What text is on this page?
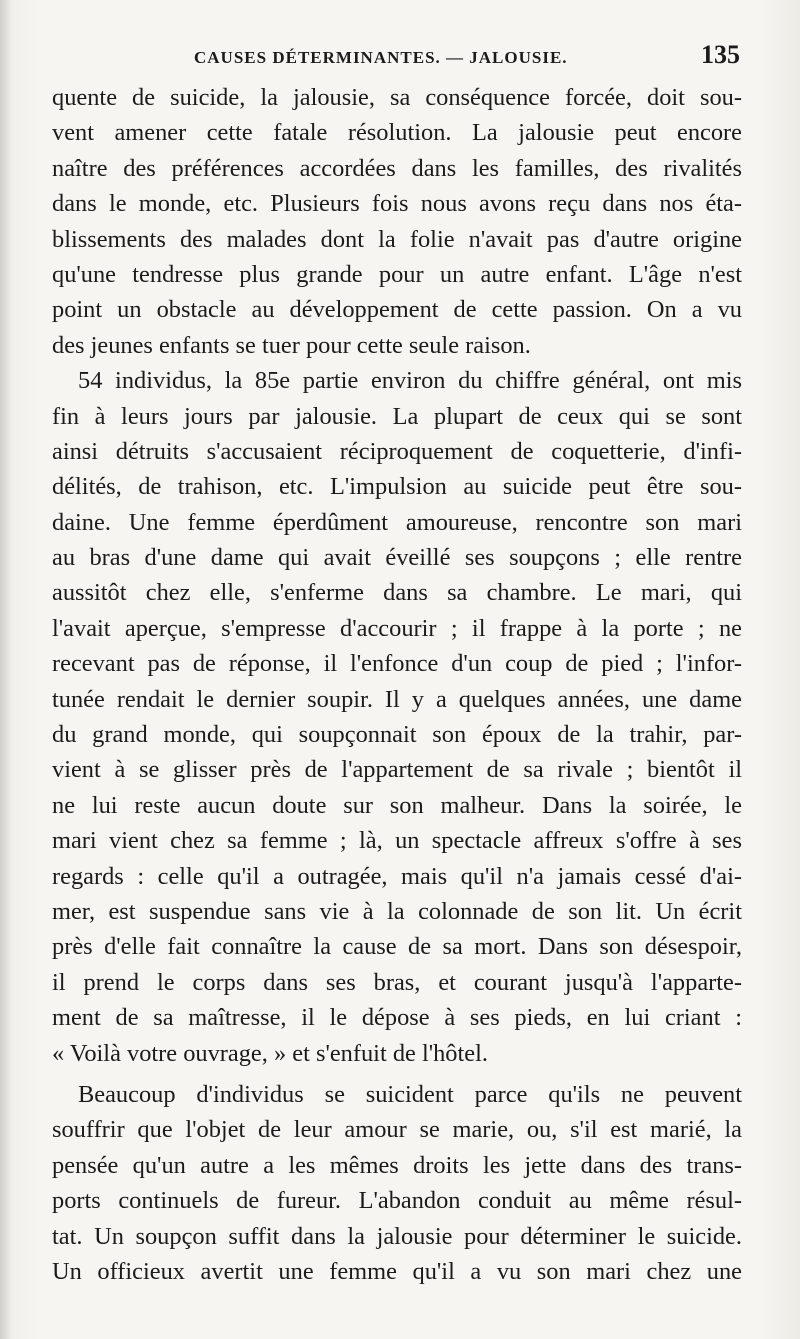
CAUSES DÉTERMINANTES. — JALOUSIE.	135
quente de suicide, la jalousie, sa conséquence forcée, doit sou-
vent amener cette fatale résolution. La jalousie peut encore
naître des préférences accordées dans les familles, des rivalités
dans le monde, etc. Plusieurs fois nous avons reçu dans nos éta-
blissements des malades dont la folie n'avait pas d'autre origine
qu'une tendresse plus grande pour un autre enfant. L'âge n'est
point un obstacle au développement de cette passion. On a vu
des jeunes enfants se tuer pour cette seule raison.
54 individus, la 85e partie environ du chiffre général, ont mis
fin à leurs jours par jalousie. La plupart de ceux qui se sont
ainsi détruits s'accusaient réciproquement de coquetterie, d'infi-
délités, de trahison, etc. L'impulsion au suicide peut être sou-
daine. Une femme éperdûment amoureuse, rencontre son mari
au bras d'une dame qui avait éveillé ses soupçons ; elle rentre
aussitôt chez elle, s'enferme dans sa chambre. Le mari, qui
l'avait aperçue, s'empresse d'accourir ; il frappe à la porte ; ne
recevant pas de réponse, il l'enfonce d'un coup de pied ; l'infor-
tunée rendait le dernier soupir. Il y a quelques années, une dame
du grand monde, qui soupçonnait son époux de la trahir, par-
vient à se glisser près de l'appartement de sa rivale ; bientôt il
ne lui reste aucun doute sur son malheur. Dans la soirée, le
mari vient chez sa femme ; là, un spectacle affreux s'offre à ses
regards : celle qu'il a outragée, mais qu'il n'a jamais cessé d'ai-
mer, est suspendue sans vie à la colonnade de son lit. Un écrit
près d'elle fait connaître la cause de sa mort. Dans son désespoir,
il prend le corps dans ses bras, et courant jusqu'à l'apparte-
ment de sa maîtresse, il le dépose à ses pieds, en lui criant :
« Voilà votre ouvrage, » et s'enfuit de l'hôtel.
Beaucoup d'individus se suicident parce qu'ils ne peuvent
souffrir que l'objet de leur amour se marie, ou, s'il est marié, la
pensée qu'un autre a les mêmes droits les jette dans des trans-
ports continuels de fureur. L'abandon conduit au même résul-
tat. Un soupçon suffit dans la jalousie pour déterminer le suicide.
Un officieux avertit une femme qu'il a vu son mari chez une
